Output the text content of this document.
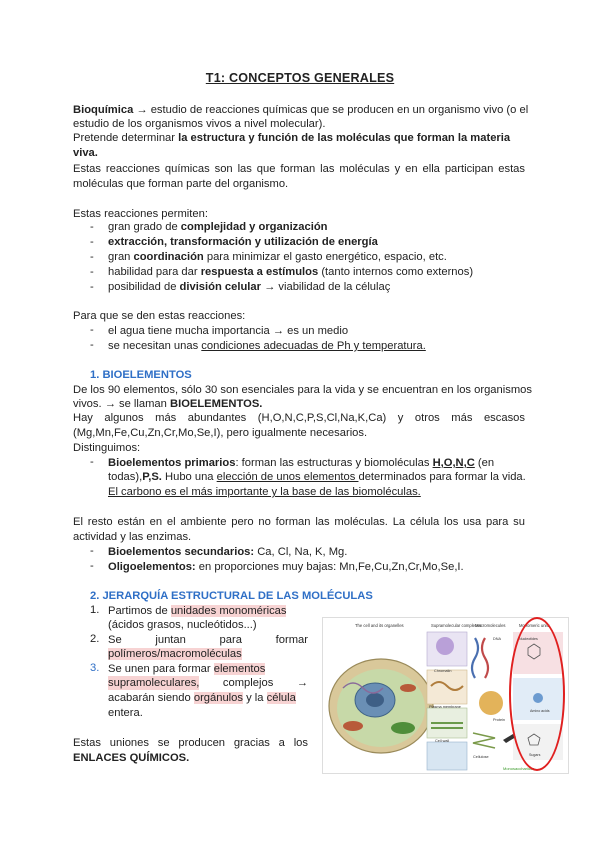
T1: CONCEPTOS GENERALES
Bioquímica → estudio de reacciones químicas que se producen en un organismo vivo (o el
estudio de los organismos vivos a nivel molecular).
Pretende determinar la estructura y función de las moléculas que forman la materia
viva.
Estas reacciones químicas son las que forman las moléculas y en ella participan estas
moléculas que forman parte del organismo.
Estas reacciones permiten:
- gran grado de complejidad y organización
- extracción, transformación y utilización de energía
- gran coordinación para minimizar el gasto energético, espacio, etc.
- habilidad para dar respuesta a estímulos (tanto internos como externos)
- posibilidad de división celular → viabilidad de la célulaç
Para que se den estas reacciones:
- el agua tiene mucha importancia → es un medio
- se necesitan unas condiciones adecuadas de Ph y temperatura.
1. BIOELEMENTOS
De los 90 elementos, sólo 30 son esenciales para la vida y se encuentran en los organismos
vivos. → se llaman BIOELEMENTOS.
Hay algunos más abundantes (H,O,N,C,P,S,Cl,Na,K,Ca) y otros más escasos
(Mg,Mn,Fe,Cu,Zn,Cr,Mo,Se,I), pero igualmente necesarios.
Distinguimos:
- Bioelementos primarios: forman las estructuras y biomoléculas H,O,N,C (en
todas),P,S. Hubo una elección de unos elementos determinados para formar la vida.
El carbono es el más importante y la base de las biomoléculas.
El resto están en el ambiente pero no forman las moléculas. La célula los usa para su
actividad y las enzimas.
- Bioelementos secundarios: Ca, Cl, Na, K, Mg.
- Oligoelementos: en proporciones muy bajas: Mn,Fe,Cu,Zn,Cr,Mo,Se,I.
2. JERARQUÍA ESTRUCTURAL DE LAS MOLÉCULAS
1. Partimos de unidades monoméricas
(ácidos grasos, nucleótidos...)
2. Se	juntan	para	formar
polímeros/macromoléculas
3. Se unen para formar elementos
supramoleculares, complejos →
acabarán siendo orgánulos y la célula
entera.
Estas uniones se producen gracias a los
ENLACES QUÍMICOS.
The cell and its organelles	Supramolecular complexes
Macromolecules	Monomeric units
Chromatin
Plasma membrane
Cell wall
DNA
Protein
Cellulose
Nucleotides
Amino acids
Sugars
Monosaccharides
